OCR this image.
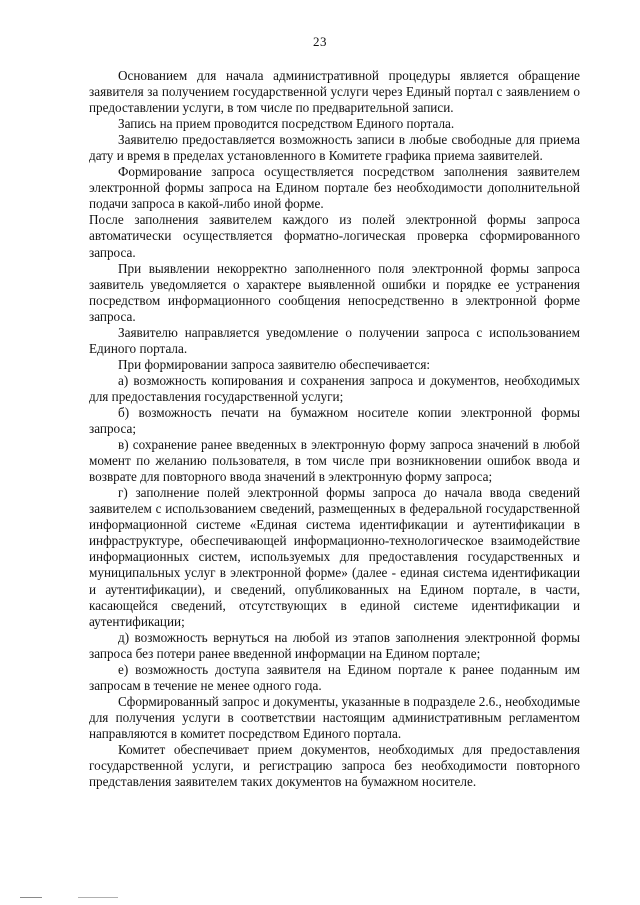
23

Основанием для начала административной процедуры является обращение заявителя за получением государственной услуги через Единый портал с заявлением о предоставлении услуги, в том числе по предварительной записи.

Запись на прием проводится посредством Единого портала.

Заявителю предоставляется возможность записи в любые свободные для приема дату и время в пределах установленного в Комитете графика приема заявителей.

Формирование запроса осуществляется посредством заполнения заявителем электронной формы запроса на Едином портале без необходимости дополнительной подачи запроса в какой-либо иной форме.

После заполнения заявителем каждого из полей электронной формы запроса автоматически осуществляется форматно-логическая проверка сформированного запроса.

При выявлении некорректно заполненного поля электронной формы запроса заявитель уведомляется о характере выявленной ошибки и порядке ее устранения посредством информационного сообщения непосредственно в электронной форме запроса.

Заявителю направляется уведомление о получении запроса с использованием Единого портала.

При формировании запроса заявителю обеспечивается:

а) возможность копирования и сохранения запроса и документов, необходимых для предоставления государственной услуги;

б) возможность печати на бумажном носителе копии электронной формы запроса;

в) сохранение ранее введенных в электронную форму запроса значений в любой момент по желанию пользователя, в том числе при возникновении ошибок ввода и возврате для повторного ввода значений в электронную форму запроса;

г) заполнение полей электронной формы запроса до начала ввода сведений заявителем с использованием сведений, размещенных в федеральной государственной информационной системе «Единая система идентификации и аутентификации в инфраструктуре, обеспечивающей информационно-технологическое взаимодействие информационных систем, используемых для предоставления государственных и муниципальных услуг в электронной форме» (далее - единая система идентификации и аутентификации), и сведений, опубликованных на Едином портале, в части, касающейся сведений, отсутствующих в единой системе идентификации и аутентификации;

д) возможность вернуться на любой из этапов заполнения электронной формы запроса без потери ранее введенной информации на Едином портале;

е) возможность доступа заявителя на Едином портале к ранее поданным им запросам в течение не менее одного года.

Сформированный запрос и документы, указанные в подразделе 2.6., необходимые для получения услуги в соответствии настоящим административным регламентом направляются в комитет посредством Единого портала.

Комитет обеспечивает прием документов, необходимых для предоставления государственной услуги, и регистрацию запроса без необходимости повторного представления заявителем таких документов на бумажном носителе.
